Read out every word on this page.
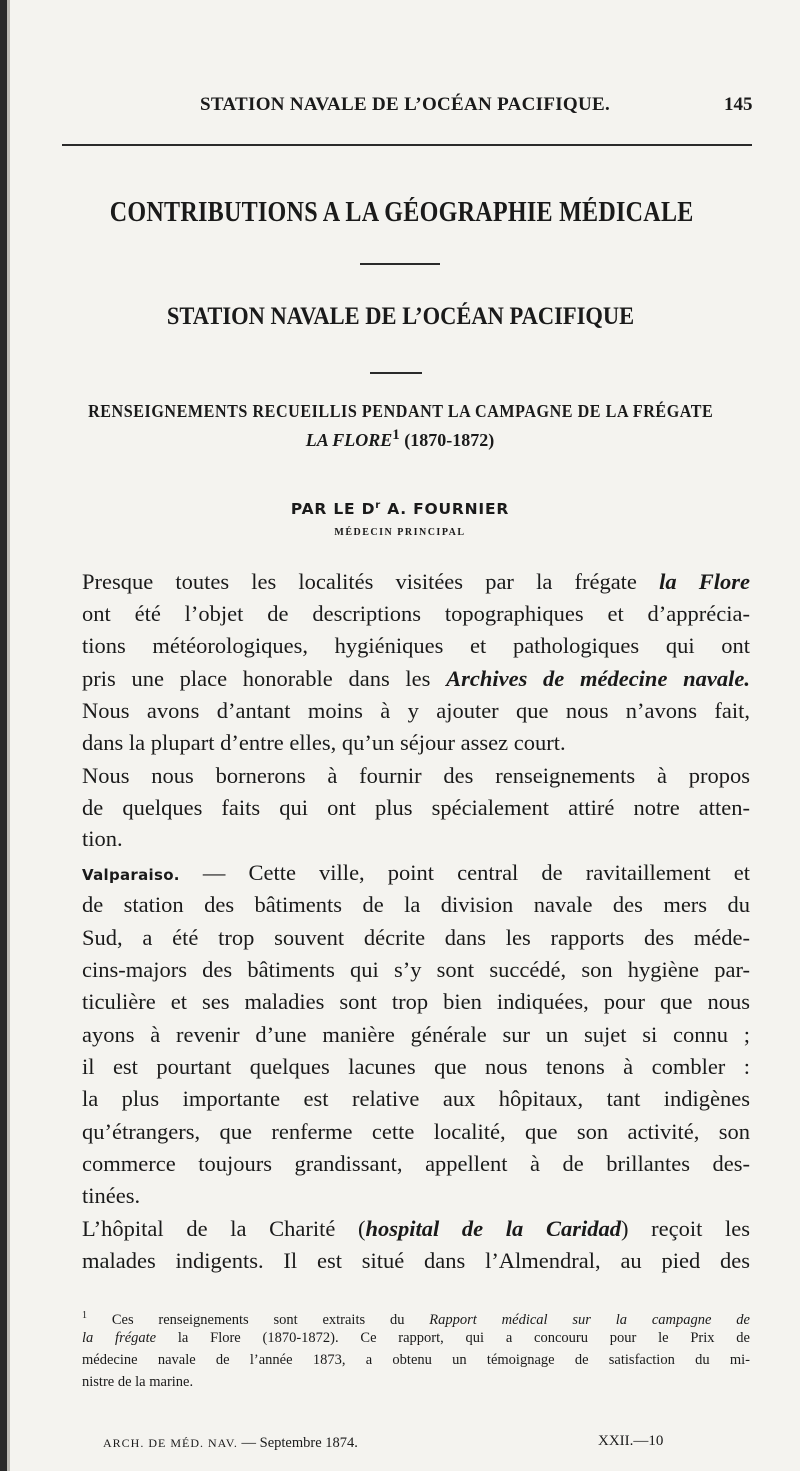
STATION NAVALE DE L’OCÉAN PACIFIQUE.	145
CONTRIBUTIONS A LA GÉOGRAPHIE MÉDICALE
STATION NAVALE DE L’OCÉAN PACIFIQUE
RENSEIGNEMENTS RECUEILLIS PENDANT LA CAMPAGNE DE LA FRÉGATE
LA FLORE$^1$ (1870-1872)
PAR LE $D^r$ A. FOURNIER
MÉDECIN PRINCIPAL
Presque toutes les localités visitées par la frégate la Flore
ont été l’objet de descriptions topographiques et d’apprécia-
tions météorologiques, hygiéniques et pathologiques qui ont
pris une place honorable dans les Archives de médecine navale.
Nous avons d’antant moins à y ajouter que nous n’avons fait,
dans la plupart d’entre elles, qu’un séjour assez court.
Nous nous bornerons à fournir des renseignements à propos
de quelques faits qui ont plus spécialement attiré notre atten-
tion.
Valparaiso. — Cette ville, point central de ravitaillement et
de station des bâtiments de la division navale des mers du
Sud, a été trop souvent décrite dans les rapports des méde-
cins-majors des bâtiments qui s’y sont succédé, son hygiène par-
ticulière et ses maladies sont trop bien indiquées, pour que nous
ayons à revenir d’une manière générale sur un sujet si connu ;
il est pourtant quelques lacunes que nous tenons à combler :
la plus importante est relative aux hôpitaux, tant indigènes
qu’étrangers, que renferme cette localité, que son activité, son
commerce toujours grandissant, appellent à de brillantes des-
tinées.
L’hôpital de la Charité (hospital de la Caridad) reçoit les
malades indigents. Il est situé dans l’Almendral, au pied des
$^1$ Ces renseignements sont extraits du Rapport médical sur la campagne de
la frégate la Flore (1870-1872). Ce rapport, qui a concouru pour le Prix de
médecine navale de l’année 1873, a obtenu un témoignage de satisfaction du mi-
nistre de la marine.
ARCH. DE MÉD. NAV. — Septembre 1874.	XXII.—10
